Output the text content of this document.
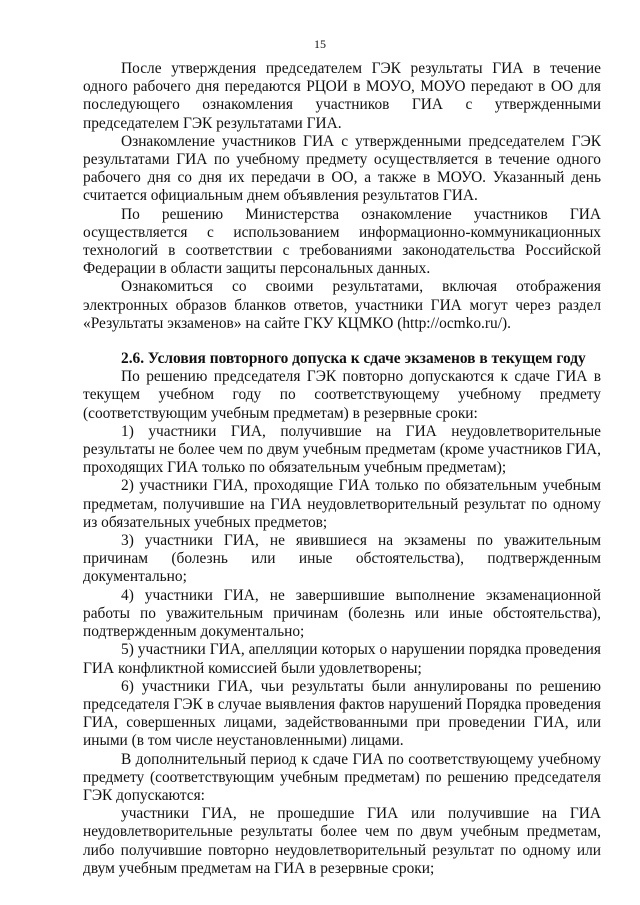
15

После утверждения председателем ГЭК результаты ГИА в течение одного рабочего дня передаются РЦОИ в МОУО, МОУО передают в ОО для последующего ознакомления участников ГИА с утвержденными председателем ГЭК результатами ГИА.

Ознакомление участников ГИА с утвержденными председателем ГЭК результатами ГИА по учебному предмету осуществляется в течение одного рабочего дня со дня их передачи в ОО, а также в МОУО. Указанный день считается официальным днем объявления результатов ГИА.

По решению Министерства ознакомление участников ГИА осуществляется с использованием информационно-коммуникационных технологий в соответствии с требованиями законодательства Российской Федерации в области защиты персональных данных.

Ознакомиться со своими результатами, включая отображения электронных образов бланков ответов, участники ГИА могут через раздел «Результаты экзаменов» на сайте ГКУ КЦМКО (http://ocmko.ru/).

2.6. Условия повторного допуска к сдаче экзаменов в текущем году

По решению председателя ГЭК повторно допускаются к сдаче ГИА в текущем учебном году по соответствующему учебному предмету (соответствующим учебным предметам) в резервные сроки:

1) участники ГИА, получившие на ГИА неудовлетворительные результаты не более чем по двум учебным предметам (кроме участников ГИА, проходящих ГИА только по обязательным учебным предметам);

2) участники ГИА, проходящие ГИА только по обязательным учебным предметам, получившие на ГИА неудовлетворительный результат по одному из обязательных учебных предметов;

3) участники ГИА, не явившиеся на экзамены по уважительным причинам (болезнь или иные обстоятельства), подтвержденным документально;

4) участники ГИА, не завершившие выполнение экзаменационной работы по уважительным причинам (болезнь или иные обстоятельства), подтвержденным документально;

5) участники ГИА, апелляции которых о нарушении порядка проведения ГИА конфликтной комиссией были удовлетворены;

6) участники ГИА, чьи результаты были аннулированы по решению председателя ГЭК в случае выявления фактов нарушений Порядка проведения ГИА, совершенных лицами, задействованными при проведении ГИА, или иными (в том числе неустановленными) лицами.

В дополнительный период к сдаче ГИА по соответствующему учебному предмету (соответствующим учебным предметам) по решению председателя ГЭК допускаются:

участники ГИА, не прошедшие ГИА или получившие на ГИА неудовлетворительные результаты более чем по двум учебным предметам, либо получившие повторно неудовлетворительный результат по одному или двум учебным предметам на ГИА в резервные сроки;
